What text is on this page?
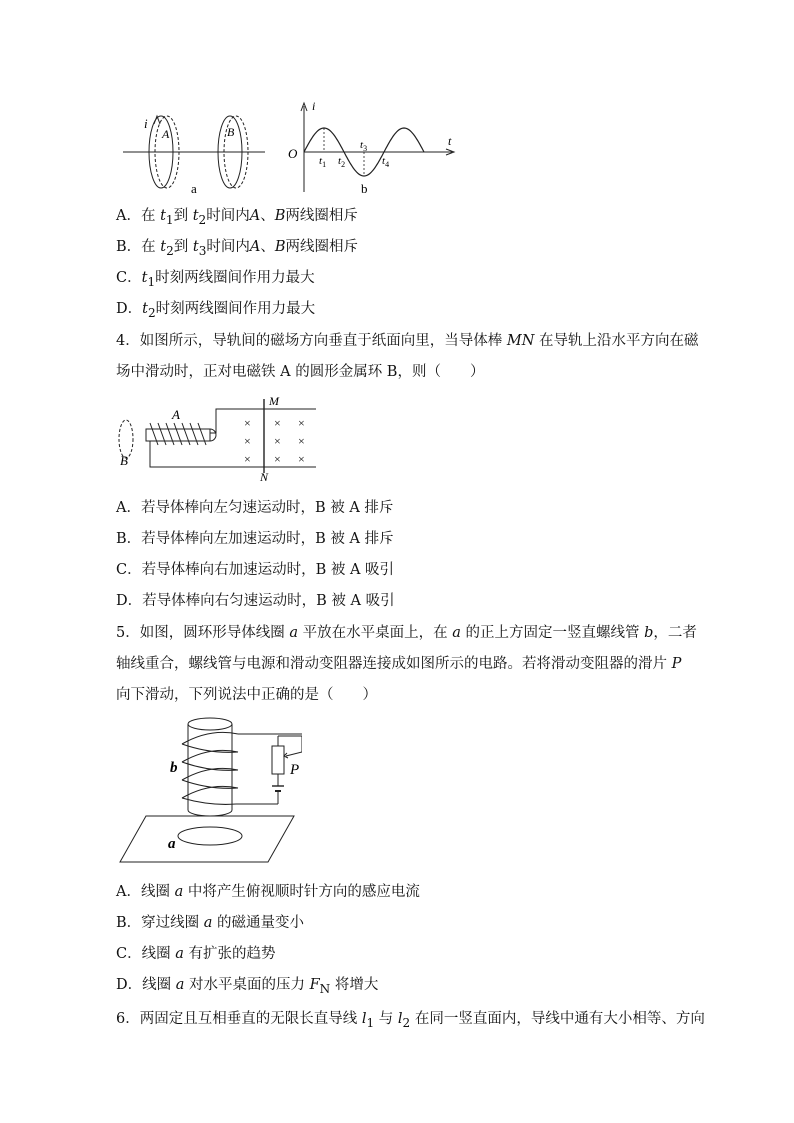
i
A	B
a
i
t
O $t_1$ $t_2$
$t_3$
$t_4$
b
A．在 $t_1$到 $t_2$时间内A、B两线圈相斥
B．在 $t_2$到 $t_3$时间内A、B两线圈相斥
C．$t_1$时刻两线圈间作用力最大
D．$t_2$时刻两线圈间作用力最大
4．如图所示，导轨间的磁场方向垂直于纸面向里，当导体棒 MN 在导轨上沿水平方向在磁
场中滑动时，正对电磁铁 A 的圆形金属环 B，则（　　）
B
A
M
N
× × ×
× × ×
× × ×
A．若导体棒向左匀速运动时，B 被 A 排斥
B．若导体棒向左加速运动时，B 被 A 排斥
C．若导体棒向右加速运动时，B 被 A 吸引
D．若导体棒向右匀速运动时，B 被 A 吸引
5．如图，圆环形导体线圈 a 平放在水平桌面上，在 a 的正上方固定一竖直螺线管 b，二者
轴线重合，螺线管与电源和滑动变阻器连接成如图所示的电路。若将滑动变阻器的滑片 P
向下滑动，下列说法中正确的是（　　）
a
b	P
A．线圈 a 中将产生俯视顺时针方向的感应电流
B．穿过线圈 a 的磁通量变小
C．线圈 a 有扩张的趋势
D．线圈 a 对水平桌面的压力 $F_N$ 将增大
6．两固定且互相垂直的无限长直导线 $l_1$ 与 $l_2$ 在同一竖直面内，导线中通有大小相等、方向
